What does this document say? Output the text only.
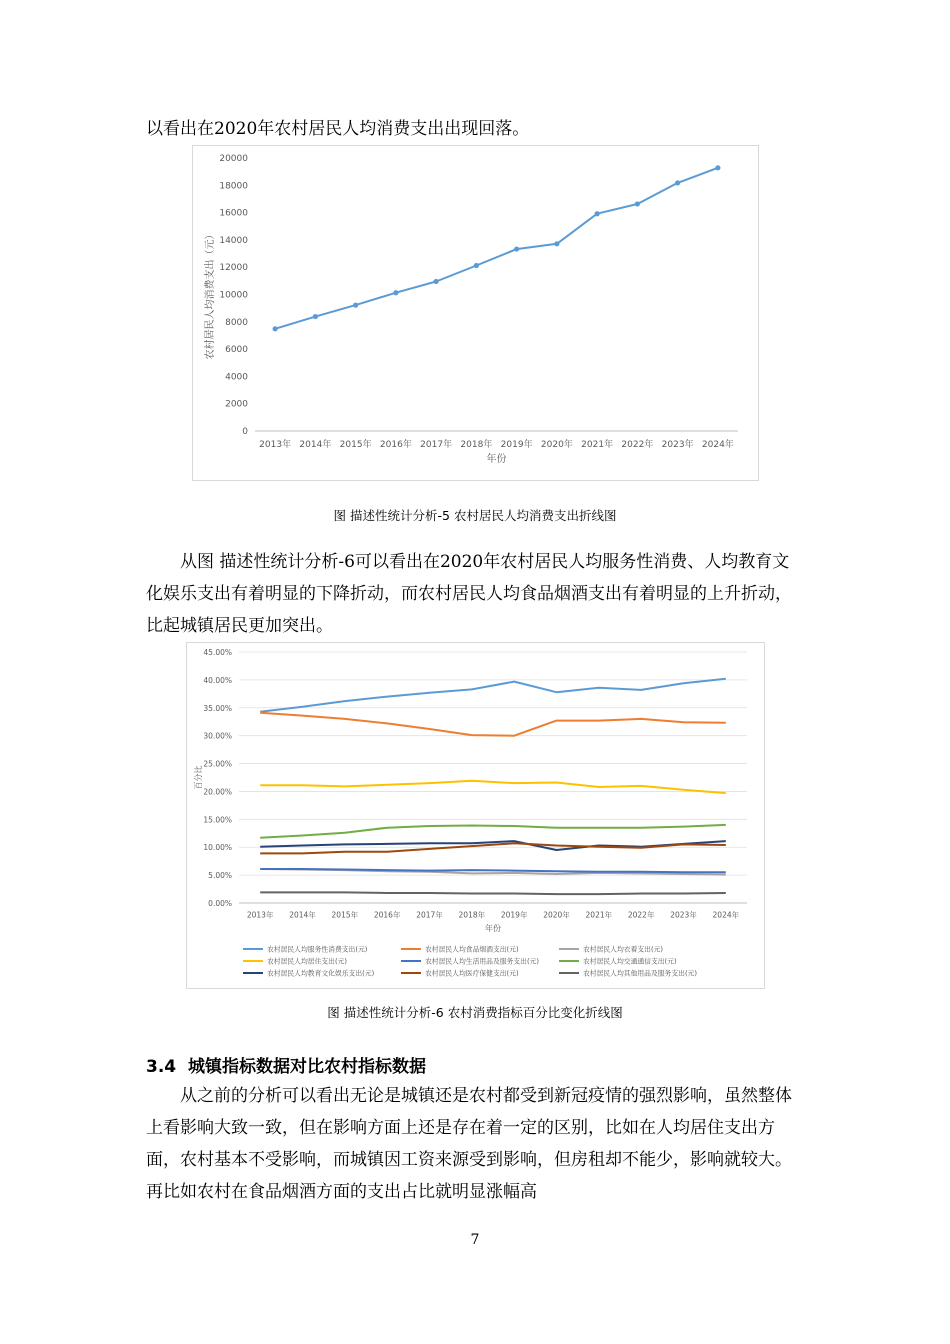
以看出在2020年农村居民人均消费支出出现回落。

0
2000
4000
6000
8000
10000
12000
14000
16000
18000
20000
2013年 2014年 2015年 2016年 2017年 2018年 2019年 2020年 2021年 2022年 2023年 2024年
年份
农村居民人均消费支出（元）
图 描述性统计分析-5 农村居民人均消费支出折线图

从图 描述性统计分析-6可以看出在2020年农村居民人均服务性消费、人均教育文化娱乐支出有着明显的下降折动，而农村居民人均食品烟酒支出有着明显的上升折动，比起城镇居民更加突出。

0.00%
5.00%
10.00%
15.00%
20.00%
25.00%
30.00%
35.00%
40.00%
45.00%
2013年 2014年 2015年 2016年 2017年 2018年 2019年 2020年 2021年 2022年 2023年 2024年
年份
百分比
农村居民人均服务性消费支出(元)	农村居民人均食品烟酒支出(元)	农村居民人均衣着支出(元)
农村居民人均居住支出(元)	农村居民人均生活用品及服务支出(元)	农村居民人均交通通信支出(元)
农村居民人均教育文化娱乐支出(元)	农村居民人均医疗保健支出(元)	农村居民人均其他用品及服务支出(元)
图 描述性统计分析-6 农村消费指标百分比变化折线图
3.4 城镇指标数据对比农村指标数据

从之前的分析可以看出无论是城镇还是农村都受到新冠疫情的强烈影响，虽然整体上看影响大致一致，但在影响方面上还是存在着一定的区别，比如在人均居住支出方面，农村基本不受影响，而城镇因工资来源受到影响，但房租却不能少，影响就较大。再比如农村在食品烟酒方面的支出占比就明显涨幅高

7
